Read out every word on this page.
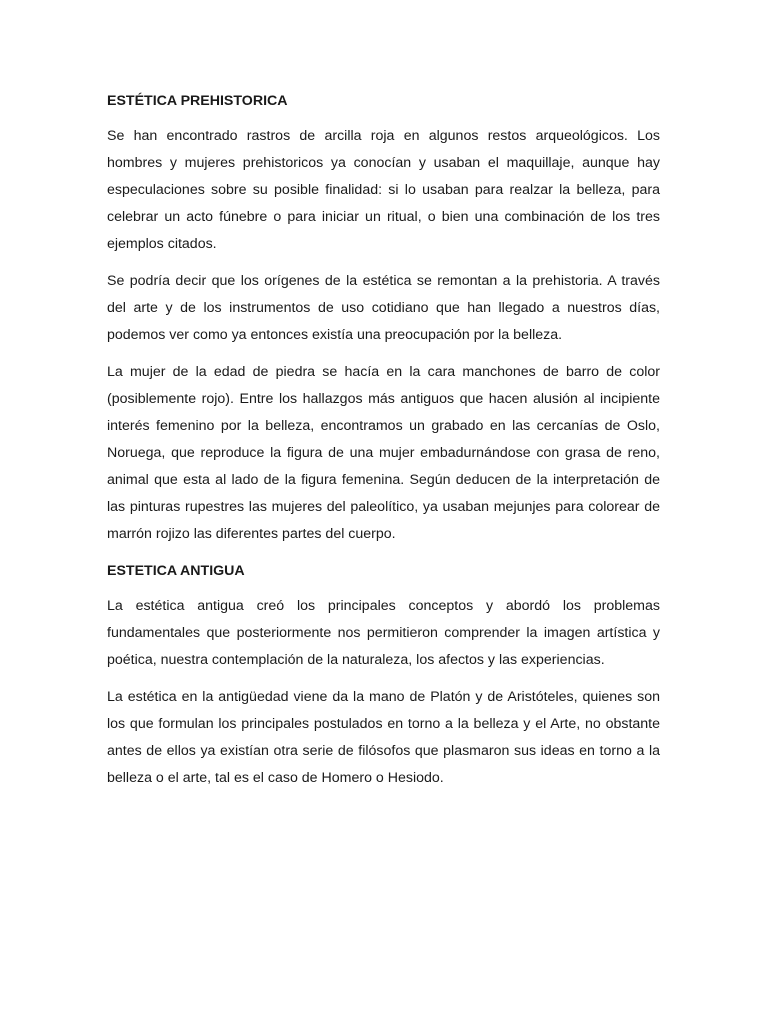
ESTÉTICA PREHISTORICA

Se han encontrado rastros de arcilla roja en algunos restos arqueológicos. Los hombres y mujeres prehistoricos ya conocían y usaban el maquillaje, aunque hay especulaciones sobre su posible finalidad: si lo usaban para realzar la belleza, para celebrar un acto fúnebre o para iniciar un ritual, o bien una combinación de los tres ejemplos citados.

Se podría decir que los orígenes de la estética se remontan a la prehistoria. A través del arte y de los instrumentos de uso cotidiano que han llegado a nuestros días, podemos ver como ya entonces existía una preocupación por la belleza.

La mujer de la edad de piedra se hacía en la cara manchones de barro de color (posiblemente rojo). Entre los hallazgos más antiguos que hacen alusión al incipiente interés femenino por la belleza, encontramos un grabado en las cercanías de Oslo, Noruega, que reproduce la figura de una mujer embadurnándose con grasa de reno, animal que esta al lado de la figura femenina. Según deducen de la interpretación de las pinturas rupestres las mujeres del paleolítico, ya usaban mejunjes para colorear de marrón rojizo las diferentes partes del cuerpo.

ESTETICA ANTIGUA

La estética antigua creó los principales conceptos y abordó los problemas fundamentales que posteriormente nos permitieron comprender la imagen artística y poética, nuestra contemplación de la naturaleza, los afectos y las experiencias.

La estética en la antigüedad viene da la mano de Platón y de Aristóteles, quienes son los que formulan los principales postulados en torno a la belleza y el Arte, no obstante antes de ellos ya existían otra serie de filósofos que plasmaron sus ideas en torno a la belleza o el arte, tal es el caso de Homero o Hesiodo.
